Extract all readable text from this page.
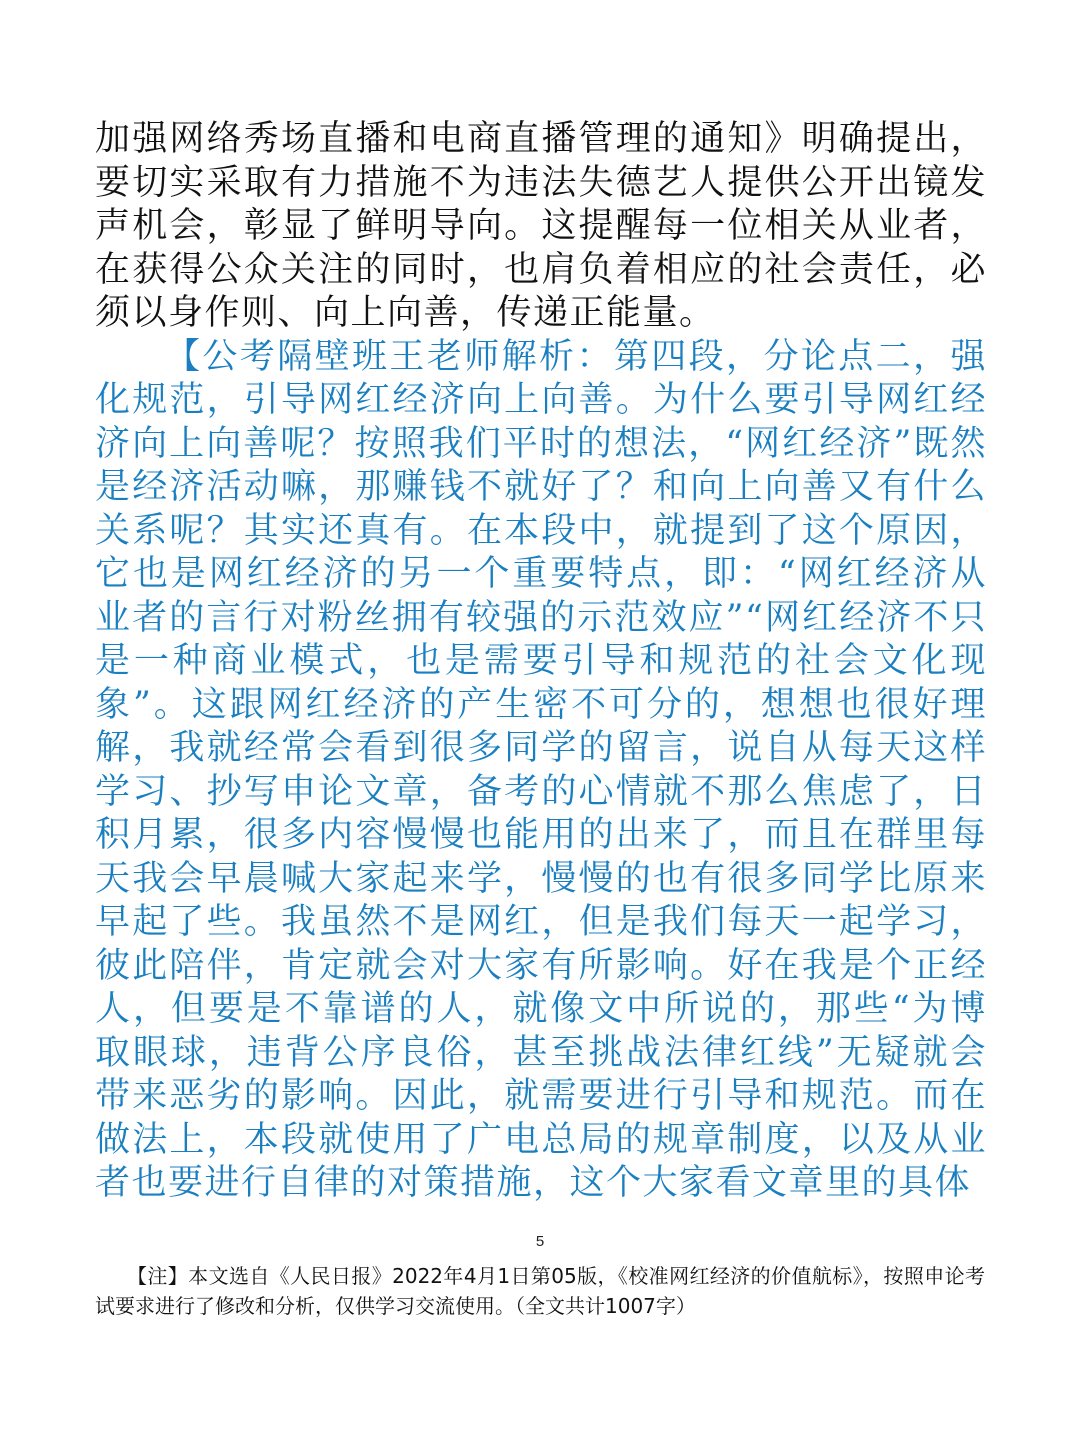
加强网络秀场直播和电商直播管理的通知》明确提出，要切实采取有力措施不为违法失德艺人提供公开出镜发声机会，彰显了鲜明导向。这提醒每一位相关从业者，在获得公众关注的同时，也肩负着相应的社会责任，必须以身作则、向上向善，传递正能量。

【公考隔壁班王老师解析：第四段，分论点二，强化规范，引导网红经济向上向善。为什么要引导网红经济向上向善呢？按照我们平时的想法，“网红经济”既然是经济活动嘛，那赚钱不就好了？和向上向善又有什么关系呢？其实还真有。在本段中，就提到了这个原因，它也是网红经济的另一个重要特点，即：“网红经济从业者的言行对粉丝拥有较强的示范效应”“网红经济不只是一种商业模式，也是需要引导和规范的社会文化现象”。这跟网红经济的产生密不可分的，想想也很好理解，我就经常会看到很多同学的留言，说自从每天这样学习、抄写申论文章，备考的心情就不那么焦虑了，日积月累，很多内容慢慢也能用的出来了，而且在群里每天我会早晨喊大家起来学，慢慢的也有很多同学比原来早起了些。我虽然不是网红，但是我们每天一起学习，彼此陪伴，肯定就会对大家有所影响。好在我是个正经人，但要是不靠谱的人，就像文中所说的，那些“为博取眼球，违背公序良俗，甚至挑战法律红线”无疑就会带来恶劣的影响。因此，就需要进行引导和规范。而在做法上，本段就使用了广电总局的规章制度，以及从业者也要进行自律的对策措施，这个大家看文章里的具体

5

【注】本文选自《人民日报》2022年4月1日第05版，《校准网红经济的价值航标》，按照申论考试要求进行了修改和分析，仅供学习交流使用。（全文共计1007字）
